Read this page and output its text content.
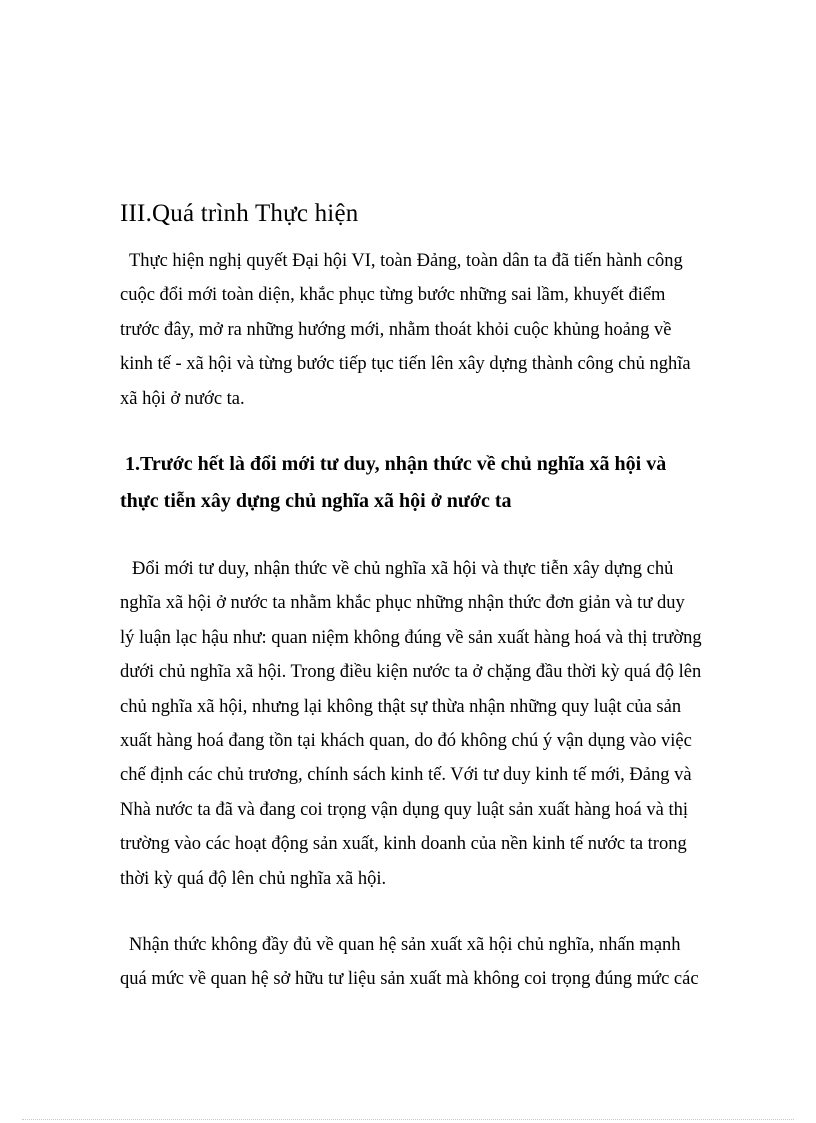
III.Quá trình Thực hiện
Thực hiện nghị quyết Đại hội VI, toàn Đảng, toàn dân ta đã tiến hành công
cuộc đổi mới toàn diện, khắc phục từng bước những sai lầm, khuyết điểm
trước đây, mở ra những hướng mới, nhằm thoát khỏi cuộc khủng hoảng về
kinh tế - xã hội và từng bước tiếp tục tiến lên xây dựng thành công chủ nghĩa
xã hội ở nước ta.
1.Trước hết là đổi mới tư duy, nhận thức về chủ nghĩa xã hội và
thực tiễn xây dựng chủ nghĩa xã hội ở nước ta
Đổi mới tư duy, nhận thức về chủ nghĩa xã hội và thực tiễn xây dựng chủ
nghĩa xã hội ở nước ta nhằm khắc phục những nhận thức đơn giản và tư duy
lý luận lạc hậu như: quan niệm không đúng về sản xuất hàng hoá và thị trường
dưới chủ nghĩa xã hội. Trong điều kiện nước ta ở chặng đầu thời kỳ quá độ lên
chủ nghĩa xã hội, nhưng lại không thật sự thừa nhận những quy luật của sản
xuất hàng hoá đang tồn tại khách quan, do đó không chú ý vận dụng vào việc
chế định các chủ trương, chính sách kinh tế. Với tư duy kinh tế mới, Đảng và
Nhà nước ta đã và đang coi trọng vận dụng quy luật sản xuất hàng hoá và thị
trường vào các hoạt động sản xuất, kinh doanh của nền kinh tế nước ta trong
thời kỳ quá độ lên chủ nghĩa xã hội.
Nhận thức không đầy đủ về quan hệ sản xuất xã hội chủ nghĩa, nhấn mạnh
quá mức về quan hệ sở hữu tư liệu sản xuất mà không coi trọng đúng mức các
